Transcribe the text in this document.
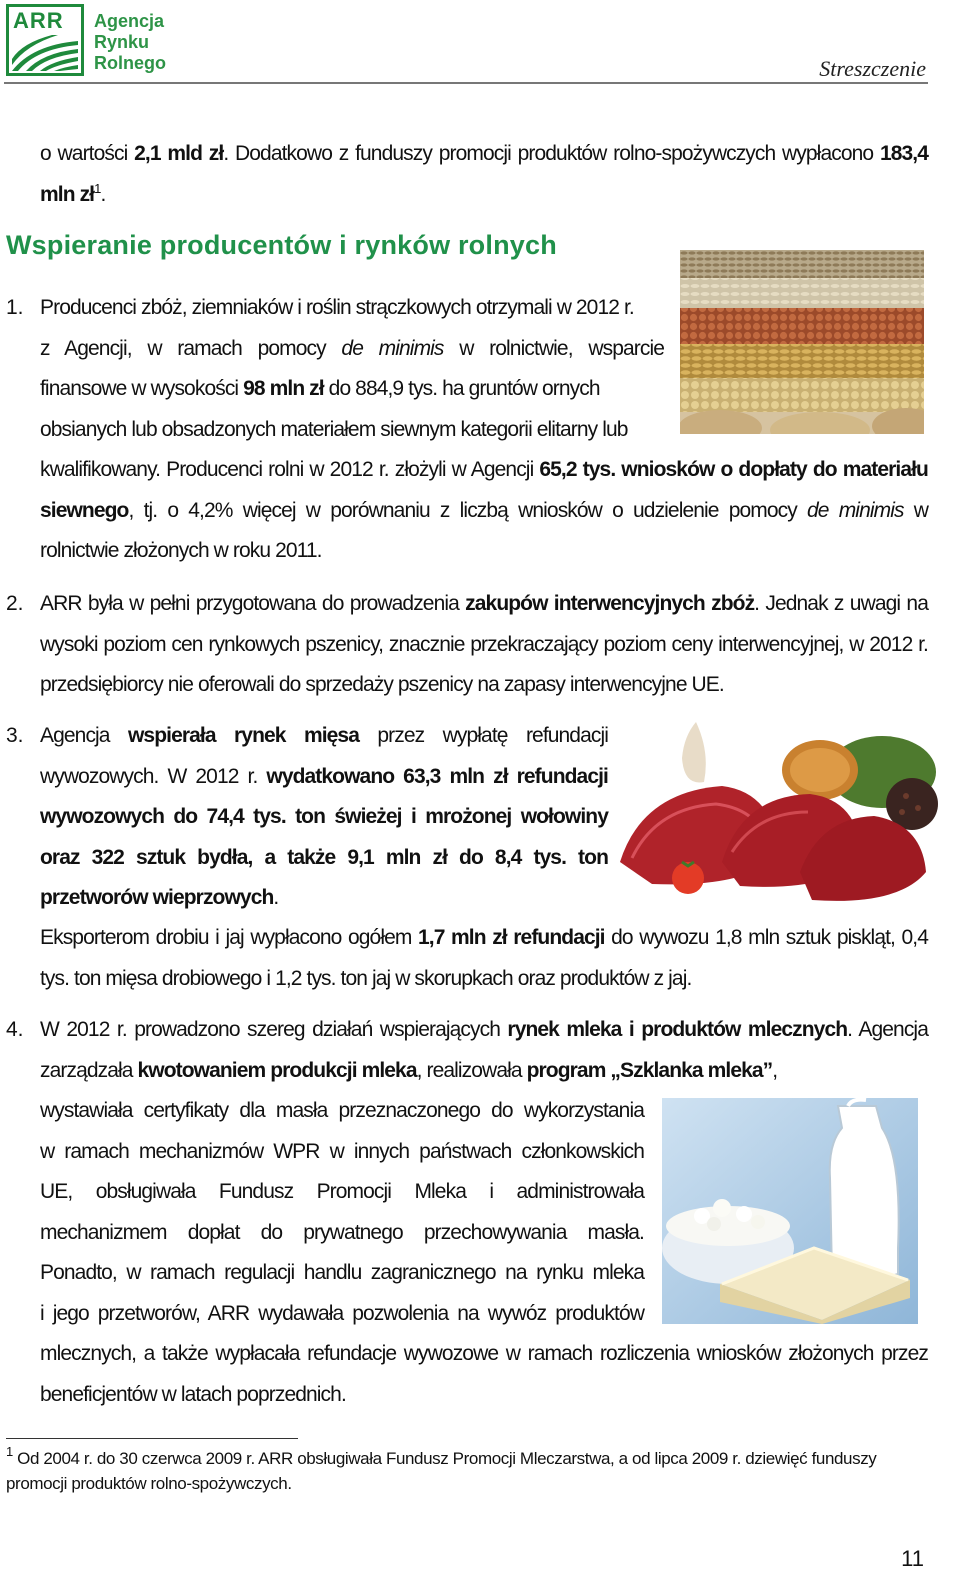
ARR Agencja
Rynku
Rolnego	Streszczenie
o wartości 2,1 mld zł. Dodatkowo z funduszy promocji produktów rolno-spożywczych wypłacono 183,4 mln $zł^1$.
Wspieranie producentów i rynków rolnych
1. Producenci zbóż, ziemniaków i roślin strączkowych otrzymali w 2012 r.
z Agencji, w ramach pomocy de minimis w rolnictwie, wsparcie
finansowe w wysokości 98 mln zł do 884,9 tys. ha gruntów ornych
obsianych lub obsadzonych materiałem siewnym kategorii elitarny lub
kwalifikowany. Producenci rolni w 2012 r. złożyli w Agencji 65,2 tys. wniosków o dopłaty do materiału siewnego, tj. o 4,2% więcej w porównaniu z liczbą wniosków o udzielenie pomocy de minimis w rolnictwie złożonych w roku 2011.
2. ARR była w pełni przygotowana do prowadzenia zakupów interwencyjnych zbóż. Jednak z uwagi na wysoki poziom cen rynkowych pszenicy, znacznie przekraczający poziom ceny interwencyjnej, w 2012 r. przedsiębiorcy nie oferowali do sprzedaży pszenicy na zapasy interwencyjne UE.
3. Agencja wspierała rynek mięsa przez wypłatę refundacji wywozowych. W 2012 r. wydatkowano 63,3 mln zł refundacji wywozowych do 74,4 tys. ton świeżej i mrożonej wołowiny oraz 322 sztuk bydła, a także 9,1 mln zł do 8,4 tys. ton przetworów wieprzowych.
Eksporterom drobiu i jaj wypłacono ogółem 1,7 mln zł refundacji do wywozu 1,8 mln sztuk piskląt, 0,4 tys. ton mięsa drobiowego i 1,2 tys. ton jaj w skorupkach oraz produktów z jaj.
4. W 2012 r. prowadzono szereg działań wspierających rynek mleka i produktów mlecznych. Agencja zarządzała kwotowaniem produkcji mleka, realizowała program „Szklanka mleka”,
wystawiała certyfikaty dla masła przeznaczonego do wykorzystania
w ramach mechanizmów WPR w innych państwach członkowskich
UE, obsługiwała Fundusz Promocji Mleka i administrowała
mechanizmem dopłat do prywatnego przechowywania masła.
Ponadto, w ramach regulacji handlu zagranicznego na rynku mleka
i jego przetworów, ARR wydawała pozwolenia na wywóz produktów
mlecznych, a także wypłacała refundacje wywozowe w ramach rozliczenia wniosków złożonych przez beneficjentów w latach poprzednich.
$^1$ Od 2004 r. do 30 czerwca 2009 r. ARR obsługiwała Fundusz Promocji Mleczarstwa, a od lipca 2009 r. dziewięć funduszy promocji produktów rolno-spożywczych.
11
